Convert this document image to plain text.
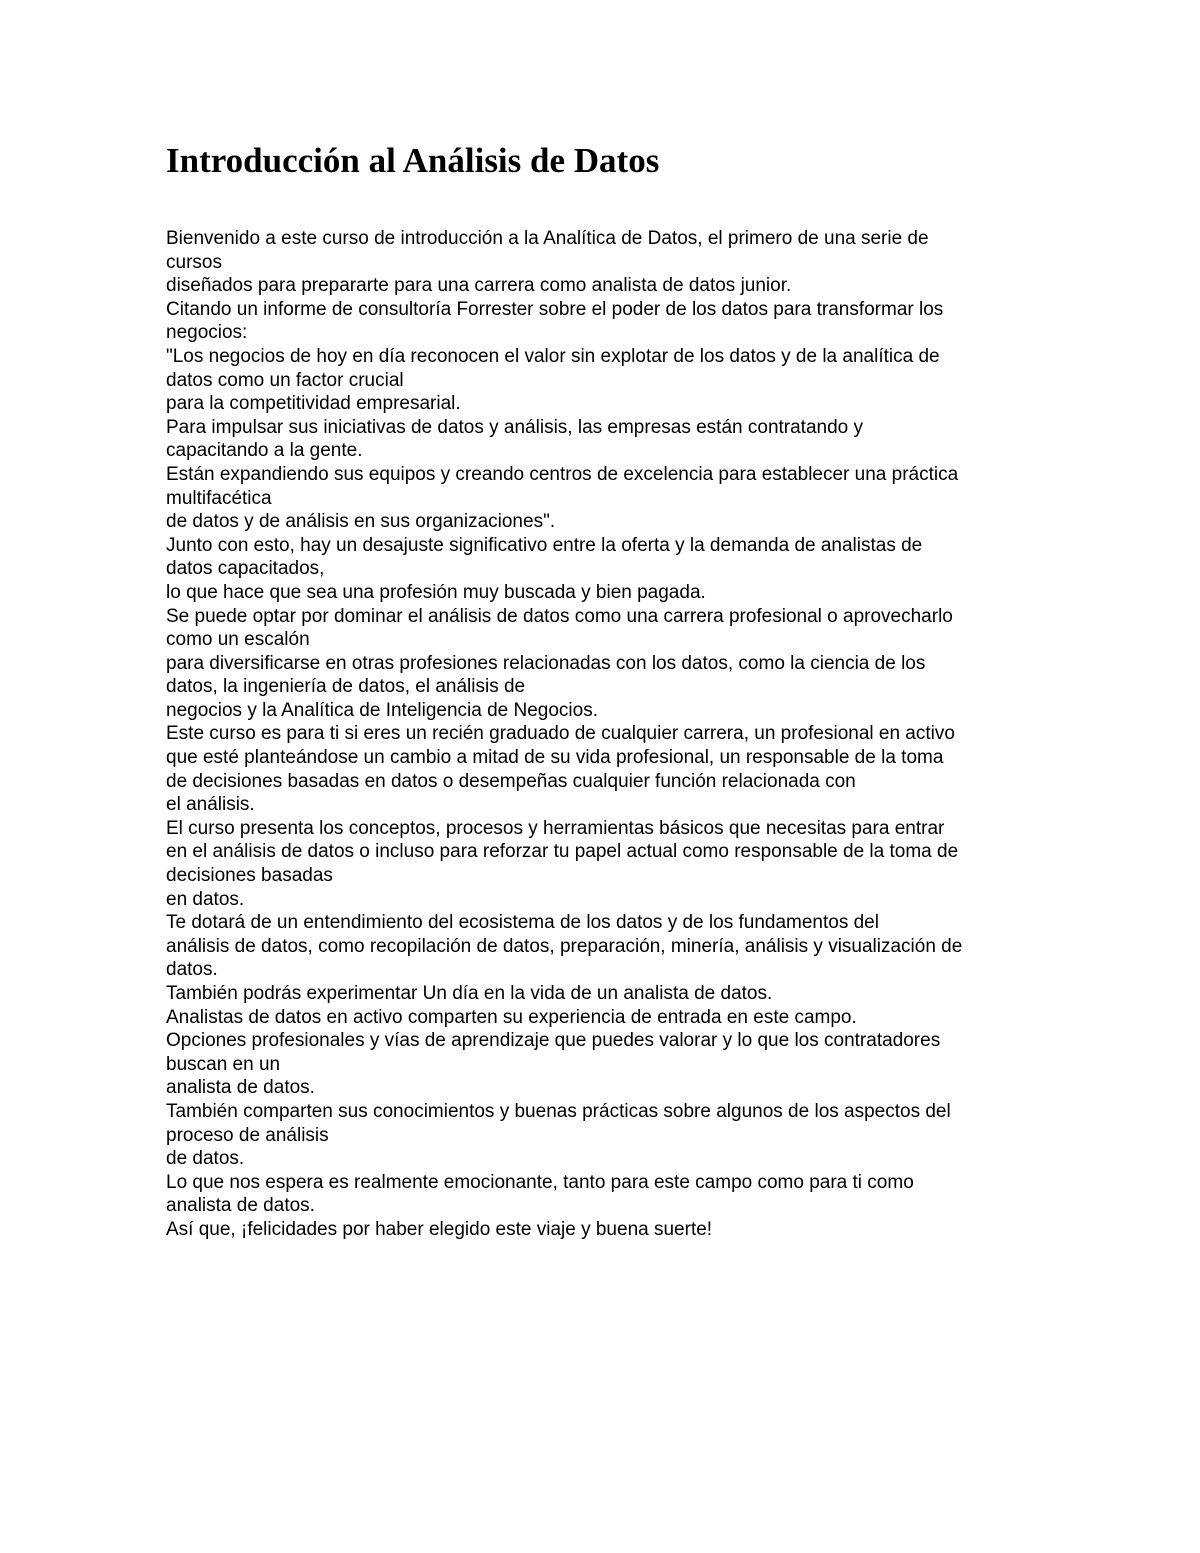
Introducción al Análisis de Datos
Bienvenido a este curso de introducción a la Analítica de Datos, el primero de una serie de
cursos
diseñados para prepararte para una carrera como analista de datos junior.
Citando un informe de consultoría Forrester sobre el poder de los datos para transformar los
negocios:
"Los negocios de hoy en día reconocen el valor sin explotar de los datos y de la analítica de
datos como un factor crucial
para la competitividad empresarial.
Para impulsar sus iniciativas de datos y análisis, las empresas están contratando y
capacitando a la gente.
Están expandiendo sus equipos y creando centros de excelencia para establecer una práctica
multifacética
de datos y de análisis en sus organizaciones".
Junto con esto, hay un desajuste significativo entre la oferta y la demanda de analistas de
datos capacitados,
lo que hace que sea una profesión muy buscada y bien pagada.
Se puede optar por dominar el análisis de datos como una carrera profesional o aprovecharlo
como un escalón
para diversificarse en otras profesiones relacionadas con los datos, como la ciencia de los
datos, la ingeniería de datos, el análisis de
negocios y la Analítica de Inteligencia de Negocios.
Este curso es para ti si eres un recién graduado de cualquier carrera, un profesional en activo
que esté planteándose un cambio a mitad de su vida profesional, un responsable de la toma
de decisiones basadas en datos o desempeñas cualquier función relacionada con
el análisis.
El curso presenta los conceptos, procesos y herramientas básicos que necesitas para entrar
en el análisis de datos o incluso para reforzar tu papel actual como responsable de la toma de
decisiones basadas
en datos.
Te dotará de un entendimiento del ecosistema de los datos y de los fundamentos del
análisis de datos, como recopilación de datos, preparación, minería, análisis y visualización de
datos.
También podrás experimentar Un día en la vida de un analista de datos.
Analistas de datos en activo comparten su experiencia de entrada en este campo.
Opciones profesionales y vías de aprendizaje que puedes valorar y lo que los contratadores
buscan en un
analista de datos.
También comparten sus conocimientos y buenas prácticas sobre algunos de los aspectos del
proceso de análisis
de datos.
Lo que nos espera es realmente emocionante, tanto para este campo como para ti como
analista de datos.
Así que, ¡felicidades por haber elegido este viaje y buena suerte!
